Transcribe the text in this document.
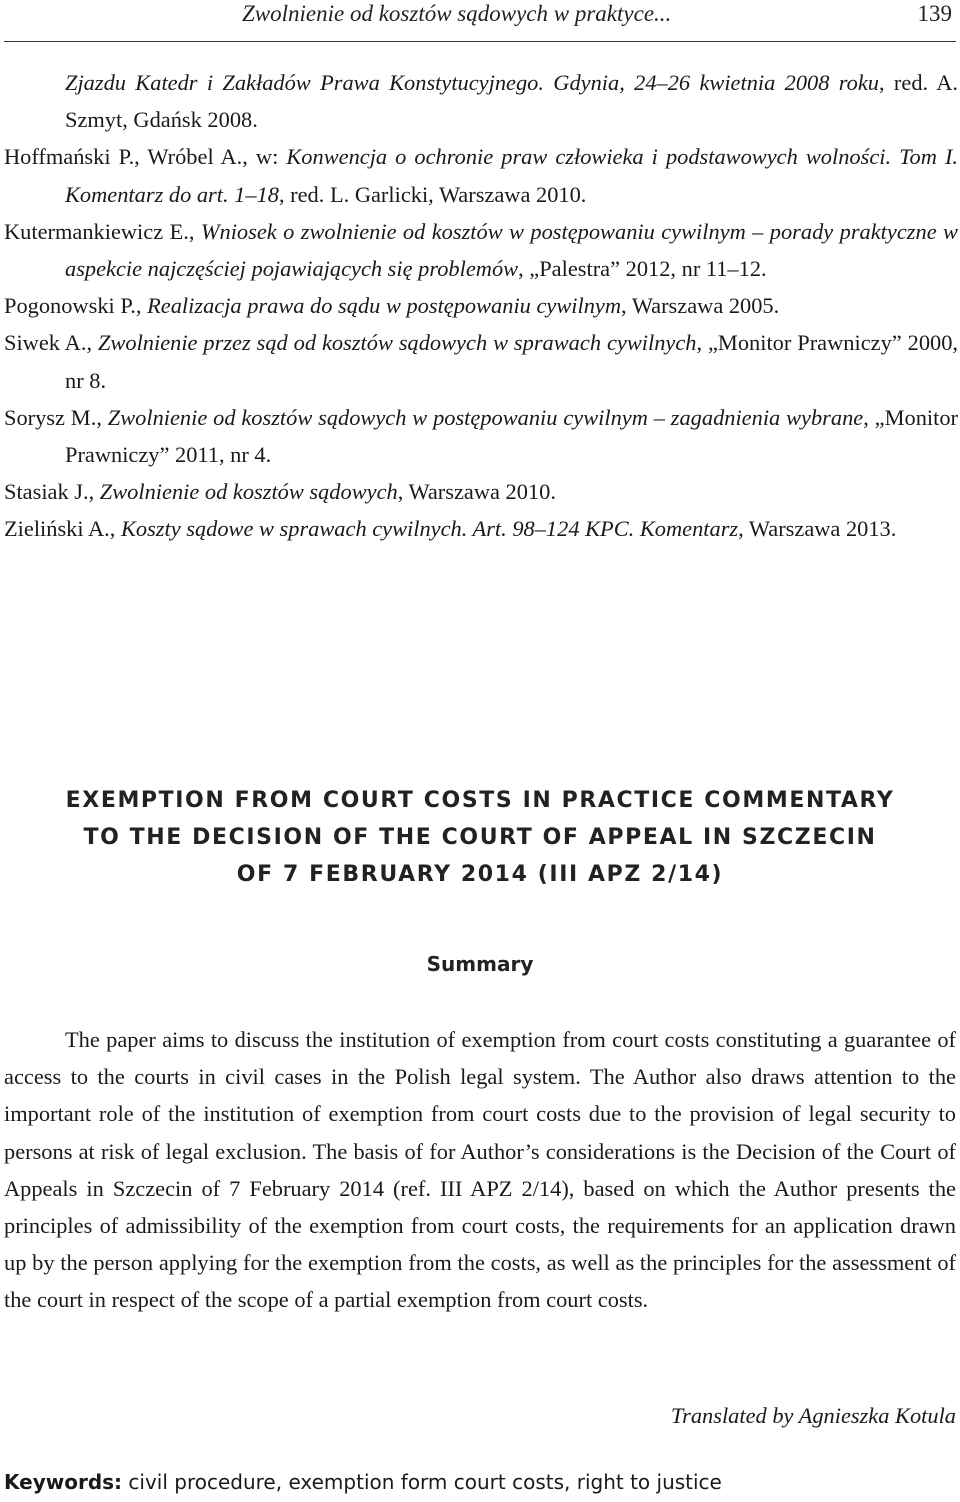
Zwolnienie od kosztów sądowych w praktyce...	139
Zjazdu Katedr i Zakładów Prawa Konstytucyjnego. Gdynia, 24–26 kwietnia 2008 roku, red. A. Szmyt, Gdańsk 2008.
Hoffmański P., Wróbel A., w: Konwencja o ochronie praw człowieka i podstawowych wolności. Tom I. Komentarz do art. 1–18, red. L. Garlicki, Warszawa 2010.
Kutermankiewicz E., Wniosek o zwolnienie od kosztów w postępowaniu cywilnym – porady praktyczne w aspekcie najczęściej pojawiających się problemów, „Palestra” 2012, nr 11–12.
Pogonowski P., Realizacja prawa do sądu w postępowaniu cywilnym, Warszawa 2005.
Siwek A., Zwolnienie przez sąd od kosztów sądowych w sprawach cywilnych, „Monitor Prawniczy” 2000, nr 8.
Sorysz M., Zwolnienie od kosztów sądowych w postępowaniu cywilnym – zagadnienia wybrane, „Monitor Prawniczy” 2011, nr 4.
Stasiak J., Zwolnienie od kosztów sądowych, Warszawa 2010.
Zieliński A., Koszty sądowe w sprawach cywilnych. Art. 98–124 KPC. Komentarz, Warszawa 2013.
EXEMPTION FROM COURT COSTS IN PRACTICE COMMENTARY
TO THE DECISION OF THE COURT OF APPEAL IN SZCZECIN
OF 7 FEBRUARY 2014 (III APZ 2/14)
Summary

The paper aims to discuss the institution of exemption from court costs constituting a guarantee of access to the courts in civil cases in the Polish legal system. The Author also draws attention to the important role of the institution of exemption from court costs due to the provision of legal security to persons at risk of legal exclusion. The basis of for Author’s considerations is the Decision of the Court of Appeals in Szczecin of 7 February 2014 (ref. III APZ 2/14), based on which the Author presents the principles of admissibility of the exemption from court costs, the requirements for an application drawn up by the person applying for the exemption from the costs, as well as the principles for the assessment of the court in respect of the scope of a partial exemption from court costs.

Translated by Agnieszka Kotula
Keywords: civil procedure, exemption form court costs, right to justice
